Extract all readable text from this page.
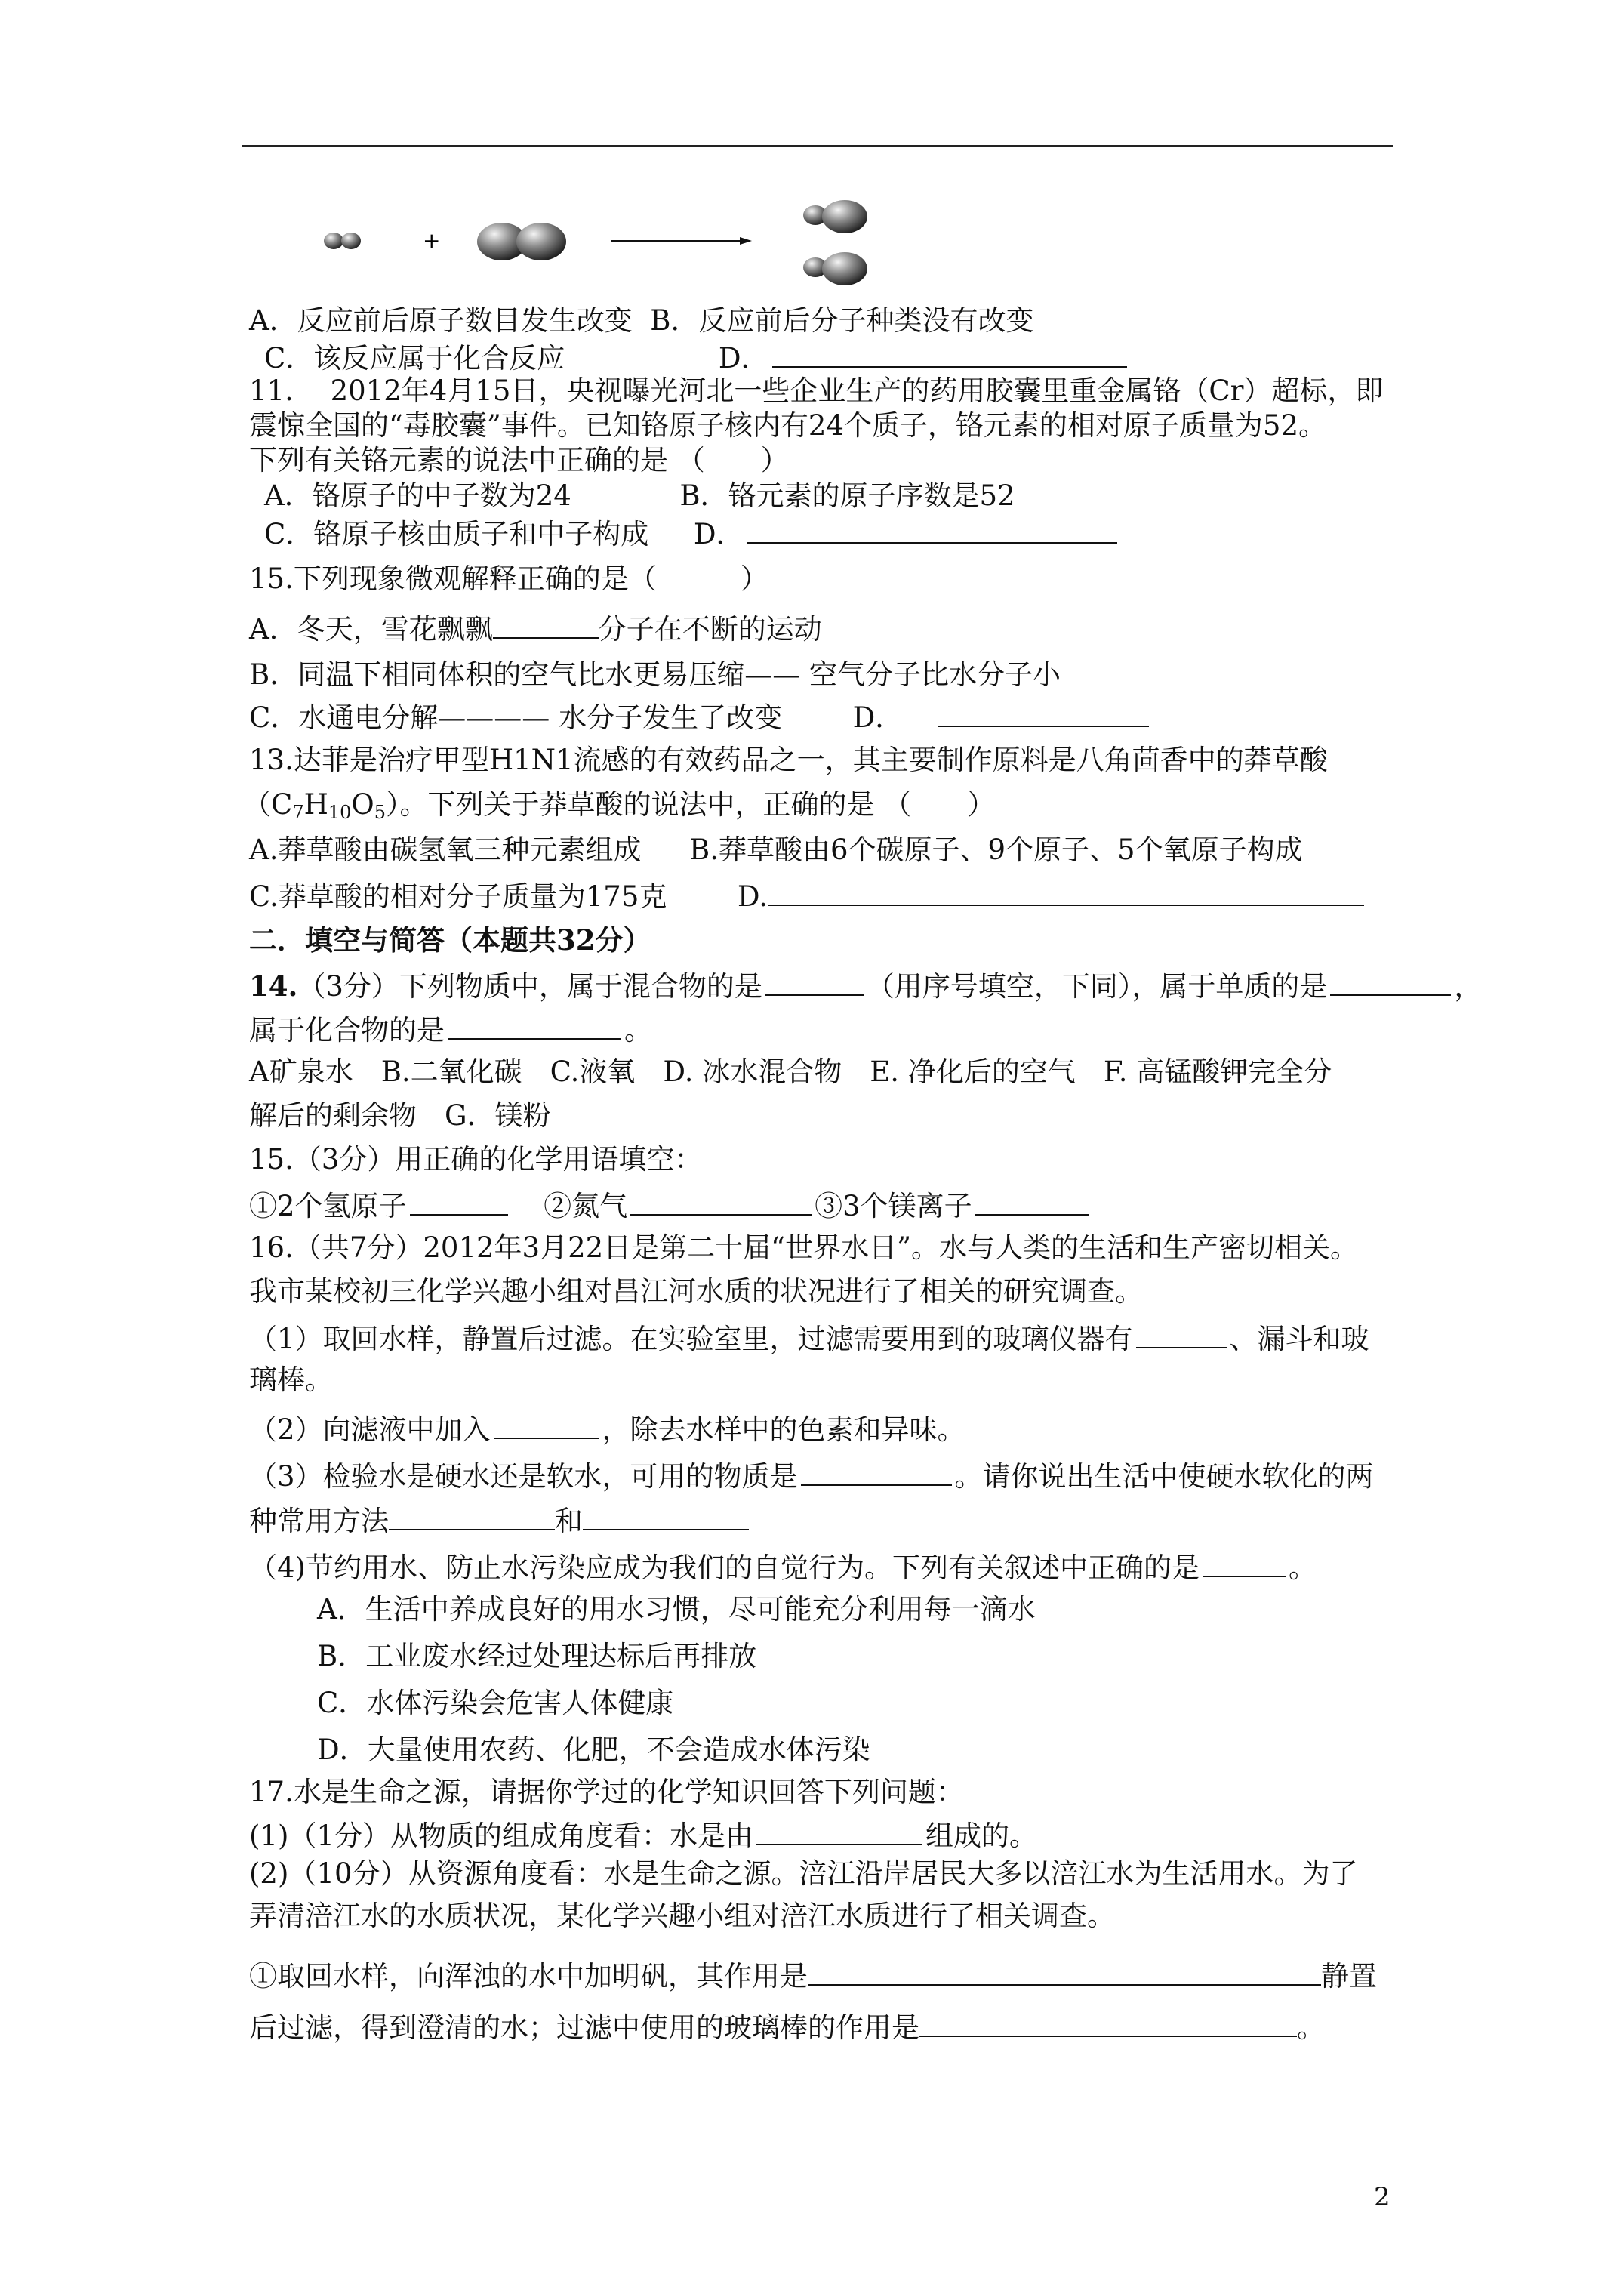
+
A．反应前后原子数目发生改变 B．反应前后分子种类没有改变
C．该反应属于化合反应	D．
11.　 2012年4月15日，央视曝光河北一些企业生产的药用胶囊里重金属铬（Cr）超标，即
震惊全国的“毒胶囊”事件。已知铬原子核内有24个质子，铬元素的相对原子质量为52。
下列有关铬元素的说法中正确的是 （　　）
A．铬原子的中子数为24	B．铬元素的原子序数是52
C．铬原子核由质子和中子构成 D．
15.下列现象微观解释正确的是（　　　）
A．冬天，雪花飘飘	分子在不断的运动
B．同温下相同体积的空气比水更易压缩—— 空气分子比水分子小
C．水通电分解———— 水分子发生了改变	D．
13.达菲是治疗甲型H1N1流感的有效药品之一，其主要制作原料是八角茴香中的莽草酸
$(C_7H_{10}O_5)$。下列关于莽草酸的说法中，正确的是 （　　）
A.莽草酸由碳氢氧三种元素组成 B.莽草酸由6个碳原子、9个原子、5个氧原子构成
C.莽草酸的相对分子质量为175克	D.
二．填空与简答（本题共32分）
14.（3分）下列物质中，属于混合物的是	（用序号填空，下同），属于单质的是	，
属于化合物的是	。
A矿泉水　B.二氧化碳　C.液氧　D. 冰水混合物　E. 净化后的空气　F. 高锰酸钾完全分
解后的剩余物　G．镁粉
15.（3分）用正确的化学用语填空：
①2个氢原子	②氮气	③3个镁离子
16.（共7分）2012年3月22日是第二十届“世界水日”。水与人类的生活和生产密切相关。
我市某校初三化学兴趣小组对昌江河水质的状况进行了相关的研究调查。
（1）取回水样，静置后过滤。在实验室里，过滤需要用到的玻璃仪器有	、漏斗和玻
璃棒。
（2）向滤液中加入	，除去水样中的色素和异味。
（3）检验水是硬水还是软水，可用的物质是	。请你说出生活中使硬水软化的两
种常用方法	和
（4)节约用水、防止水污染应成为我们的自觉行为。下列有关叙述中正确的是	。
A．生活中养成良好的用水习惯，尽可能充分利用每一滴水
B．工业废水经过处理达标后再排放
C．水体污染会危害人体健康
D．大量使用农药、化肥，不会造成水体污染
17.水是生命之源，请据你学过的化学知识回答下列问题：
(1)（1分）从物质的组成角度看：水是由	组成的。
(2)（10分）从资源角度看：水是生命之源。涪江沿岸居民大多以涪江水为生活用水。为了
弄清涪江水的水质状况，某化学兴趣小组对涪江水质进行了相关调查。
①取回水样，向浑浊的水中加明矾，其作用是	静置
后过滤，得到澄清的水；过滤中使用的玻璃棒的作用是	。
2
